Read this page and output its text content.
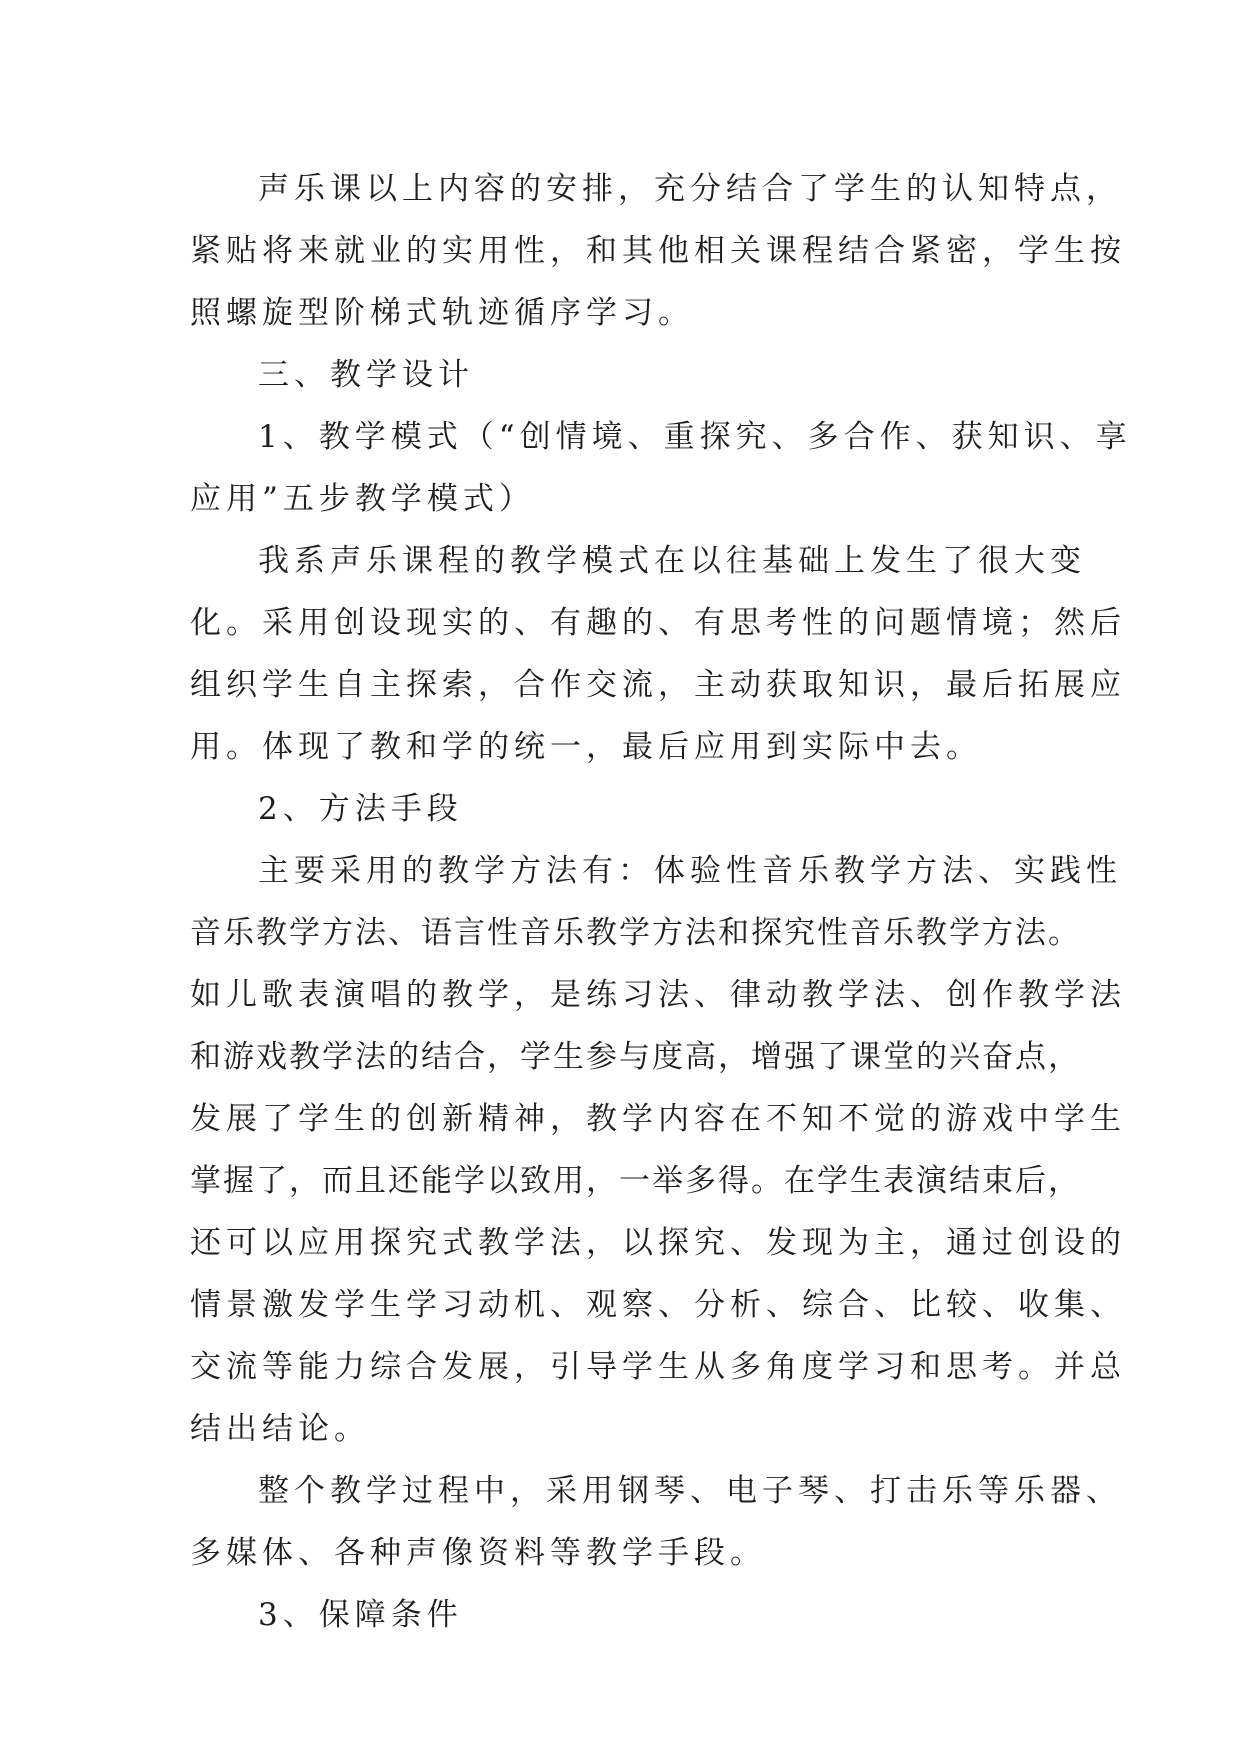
声乐课以上内容的安排，充分结合了学生的认知特点，
紧贴将来就业的实用性，和其他相关课程结合紧密，学生按
照螺旋型阶梯式轨迹循序学习。

三、教学设计

1、教学模式（“创情境、重探究、多合作、获知识、享
应用”五步教学模式）

我系声乐课程的教学模式在以往基础上发生了很大变
化。采用创设现实的、有趣的、有思考性的问题情境；然后
组织学生自主探索，合作交流，主动获取知识，最后拓展应
用。体现了教和学的统一，最后应用到实际中去。

2、方法手段

主要采用的教学方法有：体验性音乐教学方法、实践性
音乐教学方法、语言性音乐教学方法和探究性音乐教学方法。
如儿歌表演唱的教学，是练习法、律动教学法、创作教学法
和游戏教学法的结合，学生参与度高，增强了课堂的兴奋点，
发展了学生的创新精神，教学内容在不知不觉的游戏中学生
掌握了，而且还能学以致用，一举多得。在学生表演结束后，
还可以应用探究式教学法，以探究、发现为主，通过创设的
情景激发学生学习动机、观察、分析、综合、比较、收集、
交流等能力综合发展，引导学生从多角度学习和思考。并总
结出结论。

整个教学过程中，采用钢琴、电子琴、打击乐等乐器、
多媒体、各种声像资料等教学手段。

3、保障条件
